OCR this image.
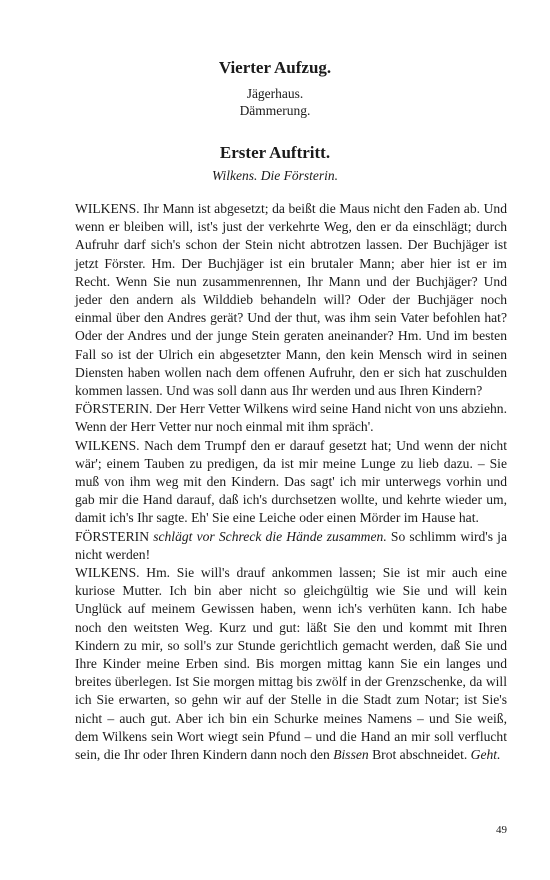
Vierter Aufzug.
Jägerhaus.
Dämmerung.
Erster Auftritt.
Wilkens. Die Försterin.

WILKENS. Ihr Mann ist abgesetzt; da beißt die Maus nicht den Faden ab. Und wenn er bleiben will, ist's just der verkehrte Weg, den er da einschlägt; durch Aufruhr darf sich's schon der Stein nicht abtrotzen lassen. Der Buchjäger ist jetzt Förster. Hm. Der Buchjäger ist ein brutaler Mann; aber hier ist er im Recht. Wenn Sie nun zusammenrennen, Ihr Mann und der Buchjäger? Und jeder den andern als Wilddieb behandeln will? Oder der Buchjäger noch einmal über den Andres gerät? Und der thut, was ihm sein Vater befohlen hat? Oder der Andres und der junge Stein geraten aneinander? Hm. Und im besten Fall so ist der Ulrich ein abgesetzter Mann, den kein Mensch wird in seinen Diensten haben wollen nach dem offenen Aufruhr, den er sich hat zuschulden kommen lassen. Und was soll dann aus Ihr werden und aus Ihren Kindern?

FÖRSTERIN. Der Herr Vetter Wilkens wird seine Hand nicht von uns abziehn. Wenn der Herr Vetter nur noch einmal mit ihm spräch'.

WILKENS. Nach dem Trumpf den er darauf gesetzt hat; Und wenn der nicht wär'; einem Tauben zu predigen, da ist mir meine Lunge zu lieb dazu. – Sie muß von ihm weg mit den Kindern. Das sagt' ich mir unterwegs vorhin und gab mir die Hand darauf, daß ich's durchsetzen wollte, und kehrte wieder um, damit ich's Ihr sagte. Eh' Sie eine Leiche oder einen Mörder im Hause hat.

FÖRSTERIN schlägt vor Schreck die Hände zusammen. So schlimm wird's ja nicht werden!

WILKENS. Hm. Sie will's drauf ankommen lassen; Sie ist mir auch eine kuriose Mutter. Ich bin aber nicht so gleichgültig wie Sie und will kein Unglück auf meinem Gewissen haben, wenn ich's verhüten kann. Ich habe noch den weitsten Weg. Kurz und gut: läßt Sie den und kommt mit Ihren Kindern zu mir, so soll's zur Stunde gerichtlich gemacht werden, daß Sie und Ihre Kinder meine Erben sind. Bis morgen mittag kann Sie ein langes und breites überlegen. Ist Sie morgen mittag bis zwölf in der Grenzschenke, da will ich Sie erwarten, so gehn wir auf der Stelle in die Stadt zum Notar; ist Sie's nicht – auch gut. Aber ich bin ein Schurke meines Namens – und Sie weiß, dem Wilkens sein Wort wiegt sein Pfund – und die Hand an mir soll verflucht sein, die Ihr oder Ihren Kindern dann noch den Bissen Brot abschneidet. Geht.

49
